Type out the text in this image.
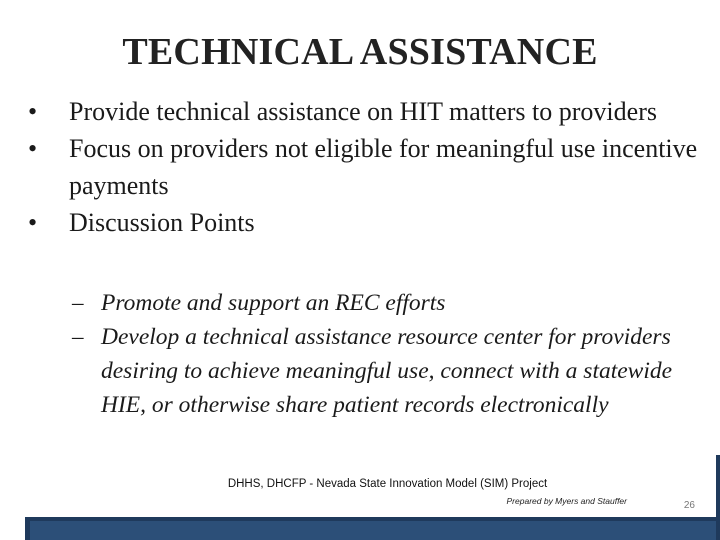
TECHNICAL ASSISTANCE
•	Provide technical assistance on HIT matters to providers
•	Focus on providers not eligible for meaningful use incentive payments
•	Discussion Points
– Promote and support an REC efforts
– Develop a technical assistance resource center for providers desiring to achieve meaningful use, connect with a statewide HIE, or otherwise share patient records electronically
DHHS, DHCFP - Nevada State Innovation Model (SIM) Project
Prepared by Myers and Stauffer	26
